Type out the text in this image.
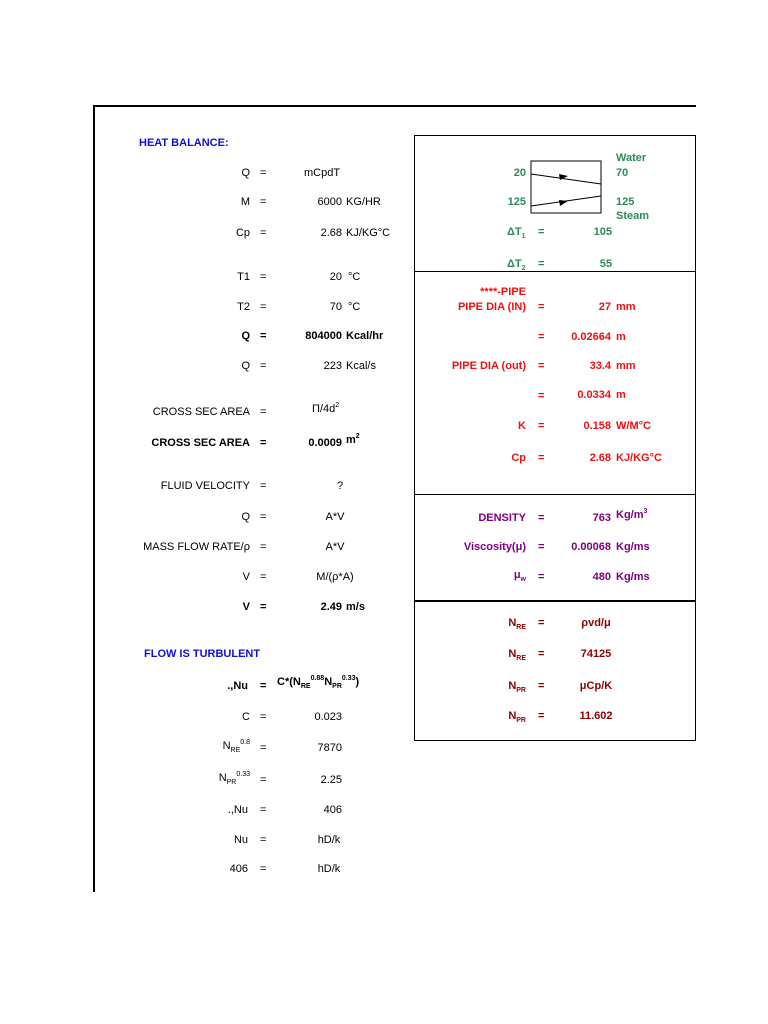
HEAT BALANCE:
Q =	mCpdT
M =	6000 KG/HR
Cp =	2.68 KJ/KG°C
T1 =	20 °C
T2 =	70 °C
Q =	804000 Kcal/hr
Q =	223 Kcal/s
CROSS SEC AREA =	$\Pi/4d^2$
CROSS SEC AREA =	0.0009 $m^2$
FLUID VELOCITY =	?
Q =	A*V
MASS FLOW RATE/ρ =	A*V
V =	M/(ρ*A)
V =	2.49 m/s
FLOW IS TURBULENT
$.,Nu = C*(N_{RE}^{0.88}N_{PR}^{0.33})$
C =	0.023
$N_{RE}^{0.8}$ =	7870
$N_{PR}^{0.33}$ =	2.25
.,Nu =	406
Nu =	hD/k
406 =	hD/k
Water
70
20
125	125
Steam
$\Delta T_1$ =	105
$\Delta T_2$ =	55
****-PIPE
PIPE DIA (IN) =	27 mm
=	0.02664 m
PIPE DIA (out) =	33.4 mm
=	0.0334 m
K =	0.158 W/M°C
Cp =	2.68 KJ/KG°C
DENSITY =	763 $Kg/m^3$
Viscosity(μ) =	0.00068 Kg/ms
$\mu_w$ =	480 Kg/ms
$N_{RE}$ =	ρvd/μ
$N_{RE}$ =	74125
$N_{PR}$ =	μCp/K
$N_{PR}$ =	11.602
